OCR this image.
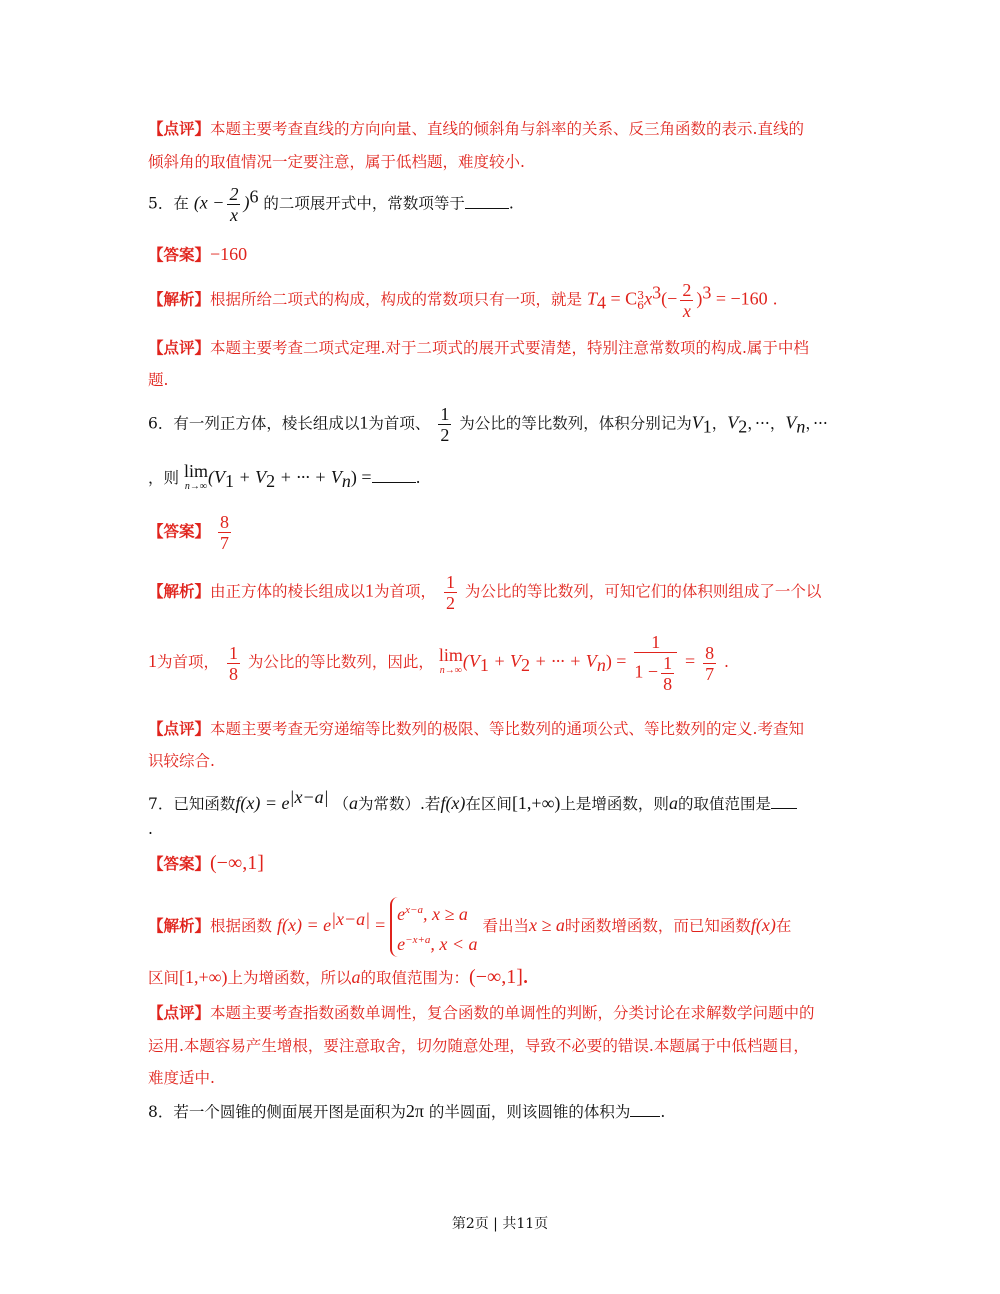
【点评】本题主要考查直线的方向向量、直线的倾斜角与斜率的关系、反三角函数的表示.直线的
倾斜角的取值情况一定要注意，属于低档题，难度较小.
5．在 $(x - \frac{2}{x} )^6$ 的二项展开式中，常数项等于	.
【答案】−160
【解析】根据所给二项式的构成，构成的常数项只有一项，就是 $T_4 = C$ 3
6 $x^3(- \frac{2}{x} )^3 = -160$ .
【点评】本题主要考查二项式定理.对于二项式的展开式要清楚，特别注意常数项的构成.属于中档
题.
6．有一列正方体，棱长组成以1为首项、 $\frac{1}{2}$ 为公比的等比数列，体积分别记为$V_1$，$V_2$，···，$V_n$，···
，则 lim
n→∞ ($V_1 + V_2$ + ··· + $V_n$) =	.
【答案】 $\frac{8}{7}$
【解析】由正方体的棱长组成以1为首项， $\frac{1}{2}$ 为公比的等比数列，可知它们的体积则组成了一个以
1为首项， $\frac{1}{8}$ 为公比的等比数列，因此， lim
n→∞ ($V_1 + V_2$ + ··· + $V_n) = \frac{1}{1 - \frac{1}{8}} = \frac{8}{7}$ .
【点评】本题主要考查无穷递缩等比数列的极限、等比数列的通项公式、等比数列的定义.考查知
识较综合.
7．已知函数$f(x) = e^{|x-a|}$ （a为常数）.若f(x)在区间[1,+∞)上是增函数，则a的取值范围是
.
【答案】(−∞,1]
【解析】根据函数 $f(x) = e^{|x-a|}$ =
$e^{x-a}$, x ≥ a
$e^{-x+a}$, x < a
看出当x ≥ a时函数增函数，而已知函数f(x)在
区间[1,+∞)上为增函数，所以a的取值范围为：(−∞,1].
【点评】本题主要考查指数函数单调性，复合函数的单调性的判断，分类讨论在求解数学问题中的
运用.本题容易产生增根，要注意取舍，切勿随意处理，导致不必要的错误.本题属于中低档题目，
难度适中.
8．若一个圆锥的侧面展开图是面积为2π 的半圆面，则该圆锥的体积为 .
第2页 | 共11页
